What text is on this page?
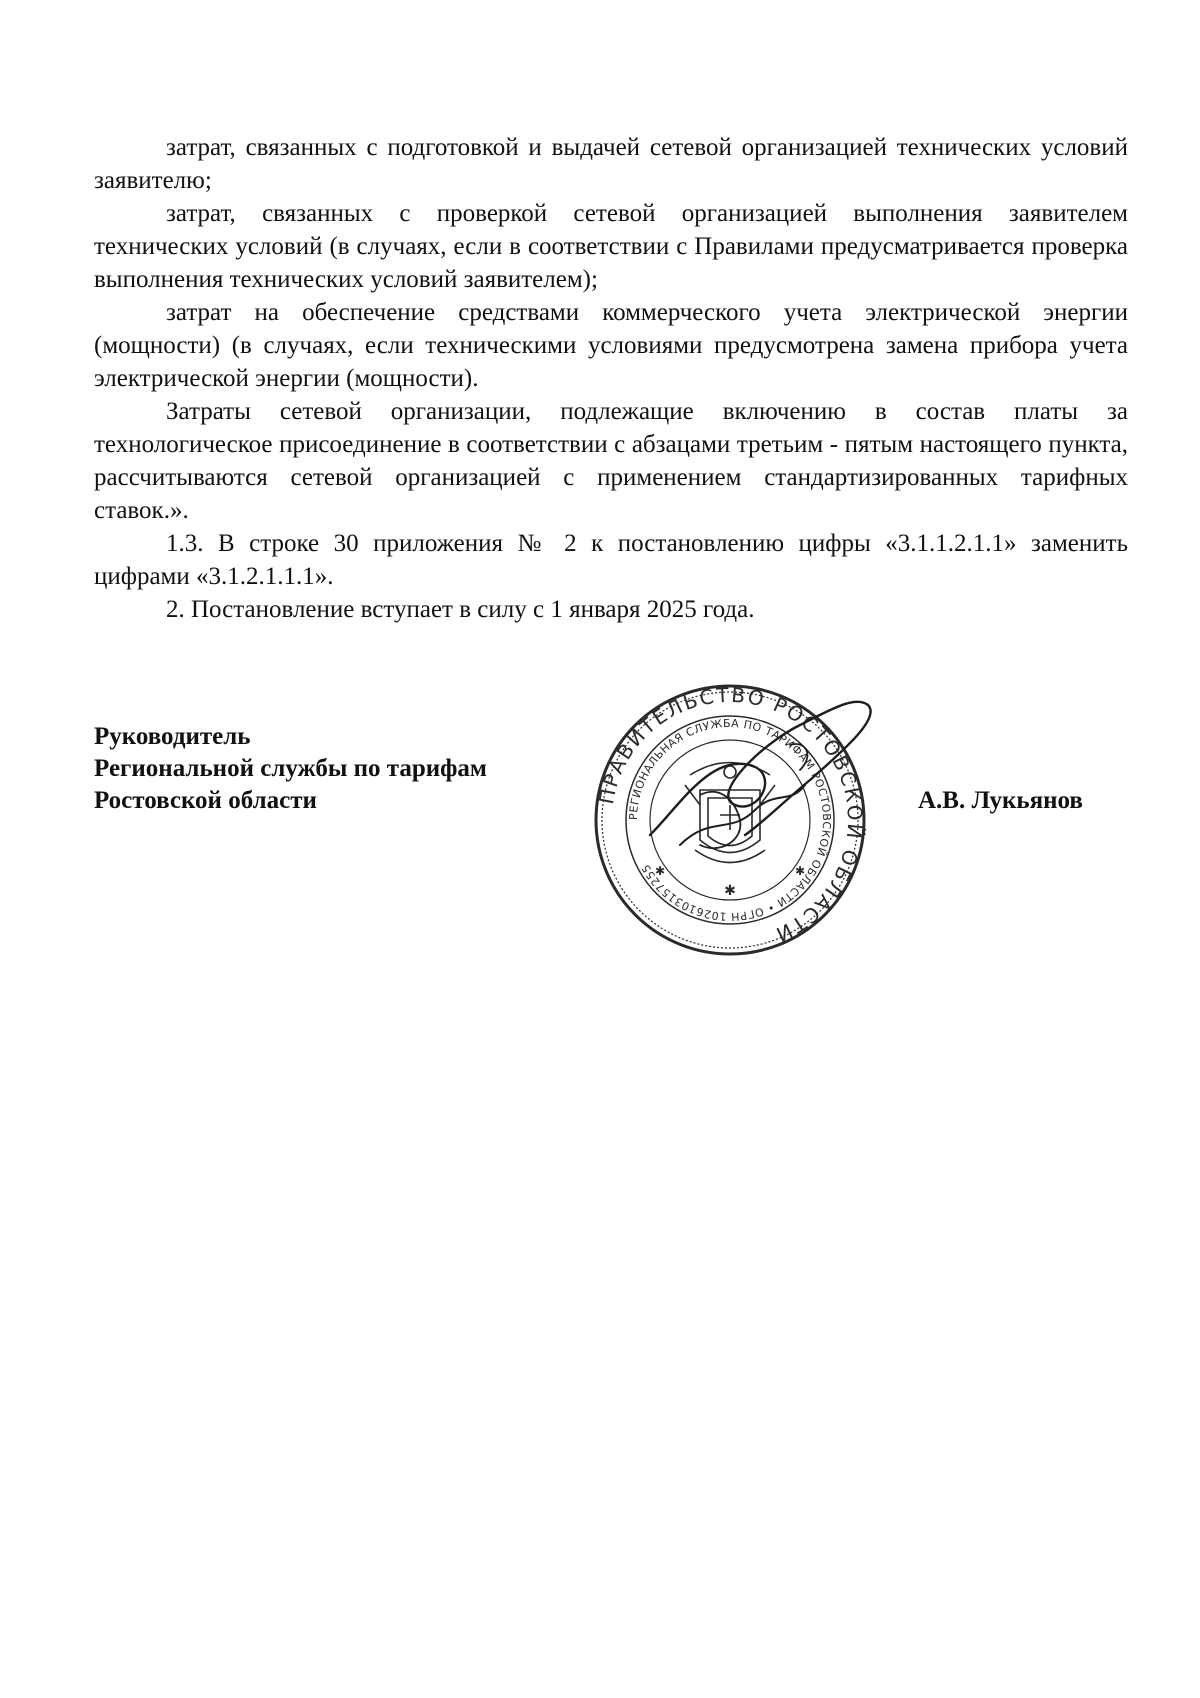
затрат, связанных с подготовкой и выдачей сетевой организацией технических условий заявителю;

затрат, связанных с проверкой сетевой организацией выполнения заявителем технических условий (в случаях, если в соответствии с Правилами предусматривается проверка выполнения технических условий заявителем);

затрат на обеспечение средствами коммерческого учета электрической энергии (мощности) (в случаях, если техническими условиями предусмотрена замена прибора учета электрической энергии (мощности).

Затраты сетевой организации, подлежащие включению в состав платы за технологическое присоединение в соответствии с абзацами третьим - пятым настоящего пункта, рассчитываются сетевой организацией с применением стандартизированных тарифных ставок.».

1.3. В строке 30 приложения № 2 к постановлению цифры «3.1.1.2.1.1» заменить цифрами «3.1.2.1.1.1».

2. Постановление вступает в силу с 1 января 2025 года.

Руководитель
Региональной службы по тарифам
Ростовской области	А.В. Лукьянов
ПРАВИТЕЛЬСТВО РОСТОВСКОЙ ОБЛАСТИ
РЕГИОНАЛЬНАЯ СЛУЖБА ПО ТАРИФАМ РОСТОВСКОЙ ОБЛАСТИ • ОГРН 1026103157255
✱
✱	✱
